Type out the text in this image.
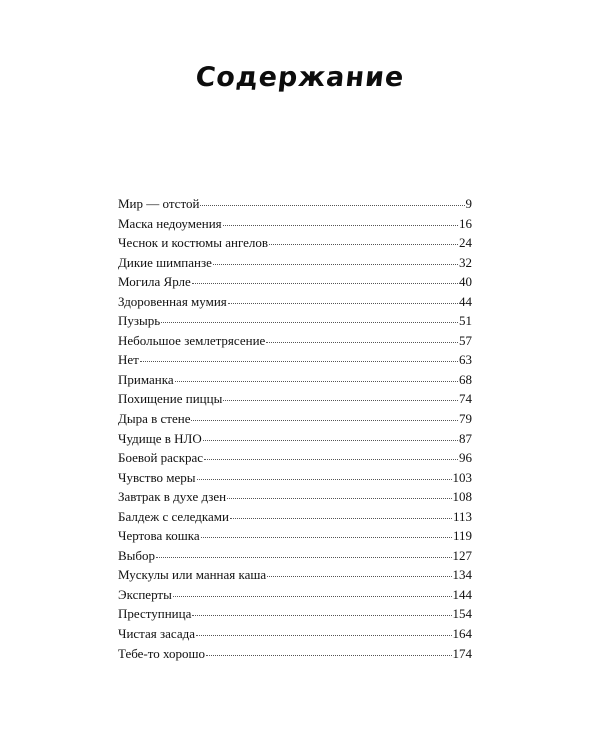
Содержание
Мир — отстой	9
Маска недоумения	16
Чеснок и костюмы ангелов	24
Дикие шимпанзе	32
Могила Ярле	40
Здоровенная мумия	44
Пузырь	51
Небольшое землетрясение	57
Нет	63
Приманка	68
Похищение пиццы	74
Дыра в стене	79
Чудище в НЛО	87
Боевой раскрас	96
Чувство меры	103
Завтрак в духе дзен	108
Балдеж с селедками	113
Чертова кошка	119
Выбор	127
Мускулы или манная каша	134
Эксперты	144
Преступница	154
Чистая засада	164
Тебе-то хорошо	174
